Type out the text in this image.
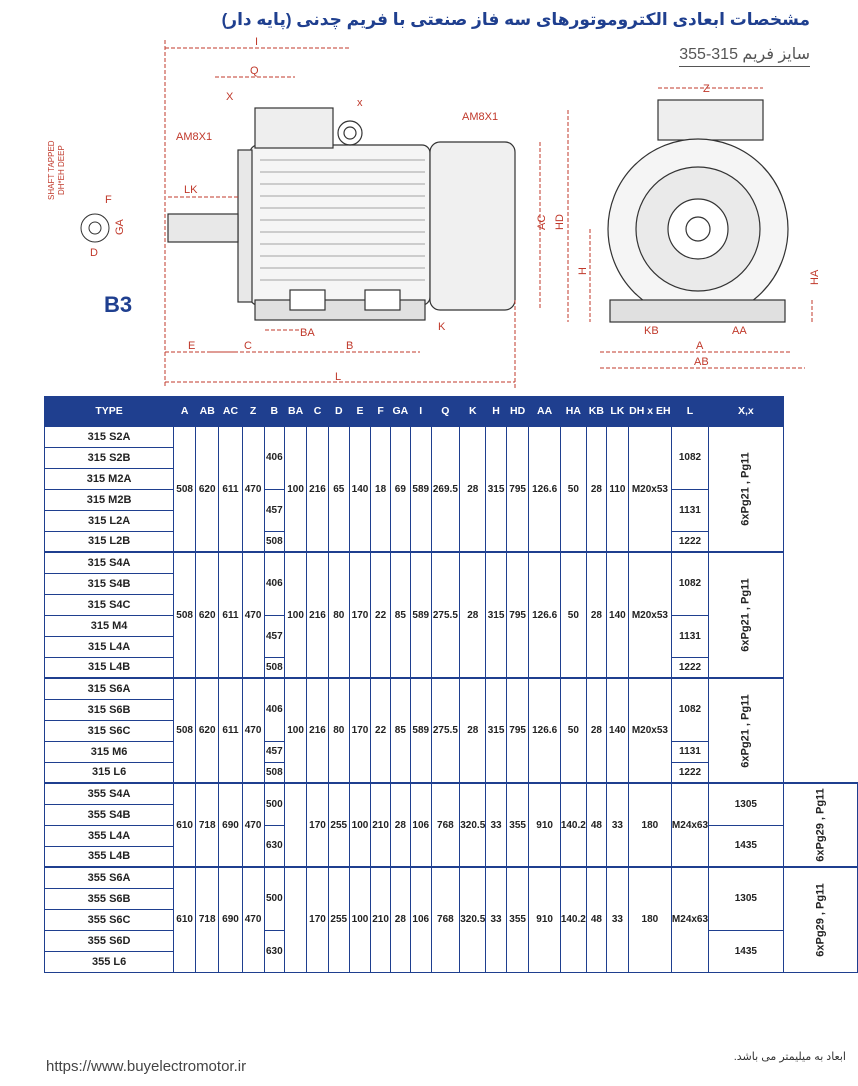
مشخصات ابعادی الکتروموتورهای سه فاز صنعتی با فریم چدنی (پایه دار)
سایز فریم 315-355
B3
I
Q
X	x
AM8X1
AM8X1
LK
AC
E	C	B
BA	K
L
F
GA
D
SHAFT TAPPED DH*EH DEEP
Z
HD
H	HA
KB	AA
A
AB
TYPE	A	AB	AC	Z	B	BA	C	D	E	F	GA	I	Q	K	H	HD	AA	HA	KB	LK	DH x EH	L	X,x	
315 S2A	508	620	611	470	406	100	216	65	140	18	69	589	269.5	28	315	795	126.6	50	28	110	M20x53	1082	6xPg21 , Pg11	
315 S2B																								
315 M2A																								
315 M2B					457																	1131		
315 L2A																								
315 L2B					508																	1222		
315 S4A	508	620	611	470	406	100	216	80	170	22	85	589	275.5	28	315	795	126.6	50	28	140	M20x53	1082	6xPg21 , Pg11	
315 S4B																								
315 S4C																								
315 M4					457																	1131		
315 L4A																								
315 L4B					508																	1222		
315 S6A	508	620	611	470	406	100	216	80	170	22	85	589	275.5	28	315	795	126.6	50	28	140	M20x53	1082	6xPg21 , Pg11	
315 S6B																								
315 S6C																								
315 M6					457																	1131		
315 L6					508																	1222		
355 S4A	610	718	690	470	500		170	255	100	210	28	106	768	320.5	33	355	910	140.2	48	33	180	M24x63	1305	6xPg29 , Pg11
355 S4B																								
355 L4A					630																		1435	
355 L4B																								
355 S6A	610	718	690	470	500		170	255	100	210	28	106	768	320.5	33	355	910	140.2	48	33	180	M24x63	1305	6xPg29 , Pg11
355 S6B																								
355 S6C																								
355 S6D					630																		1435	
355 L6																								
https://www.buyelectromotor.ir
ابعاد به میلیمتر می باشد.
